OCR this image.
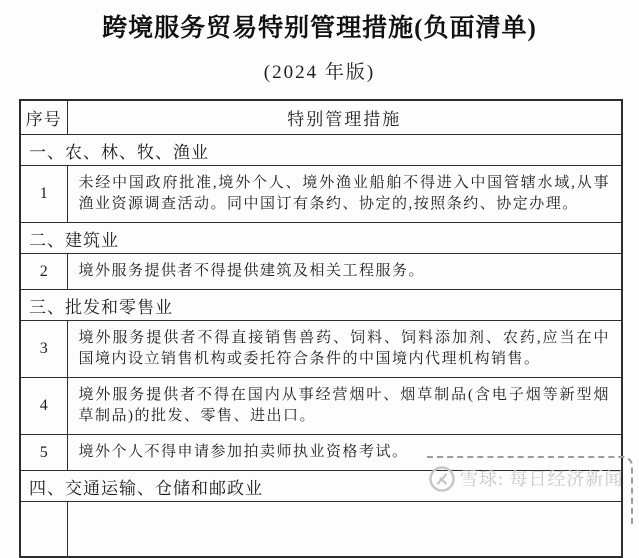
跨境服务贸易特别管理措施(负面清单)
(2024 年版)
序号	特别管理措施
一、农、林、牧、渔业	
1	未经中国政府批准,境外个人、境外渔业船舶不得进入中国管辖水域,从事渔业资源调查活动。同中国订有条约、协定的,按照条约、协定办理。
二、建筑业	
2	境外服务提供者不得提供建筑及相关工程服务。
三、批发和零售业	
3	境外服务提供者不得直接销售兽药、饲料、饲料添加剂、农药,应当在中国境内设立销售机构或委托符合条件的中国境内代理机构销售。
4	境外服务提供者不得在国内从事经营烟叶、烟草制品(含电子烟等新型烟草制品)的批发、零售、进出口。
5	境外个人不得申请参加拍卖师执业资格考试。
四、交通运输、仓储和邮政业	
		雪球: 每日经济新闻
